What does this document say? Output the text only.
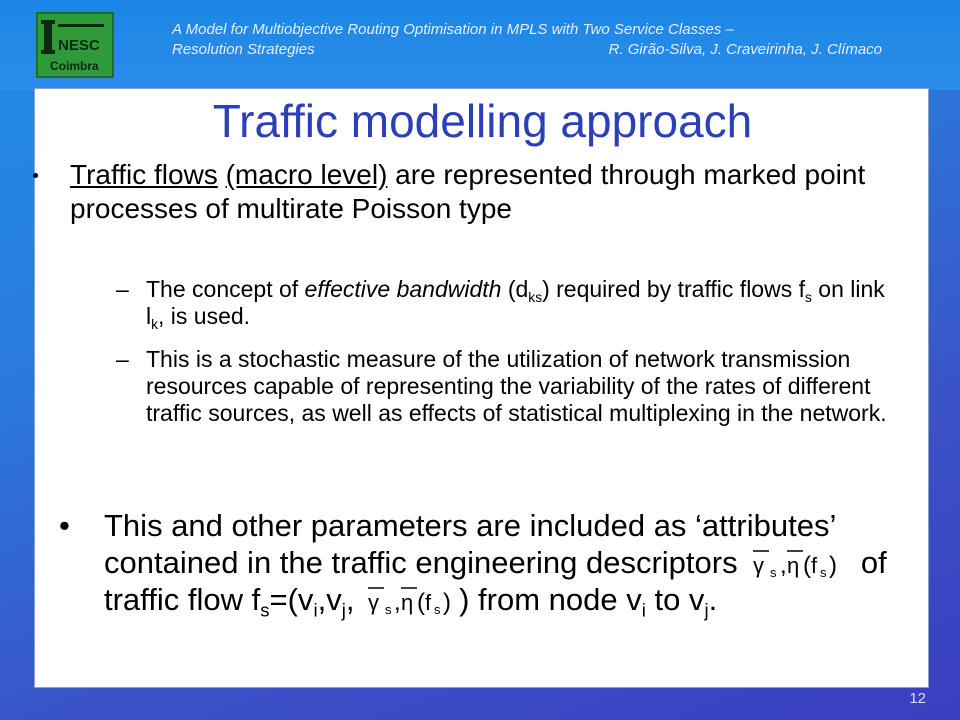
NESC
Coimbra
A Model for Multiobjective Routing Optimisation in MPLS with Two Service Classes –
Resolution Strategies	R. Girão-Silva, J. Craveirinha, J. Clímaco
Traffic modelling approach
Traffic flows (macro level) are represented through marked point processes of multirate Poisson type
– The concept of effective bandwidth $(d_{ks})$ required by traffic flows $f_s$ on link $l_k$, is used.
– This is a stochastic measure of the utilization of network transmission resources capable of representing the variability of the rates of different traffic sources, as well as effects of statistical multiplexing in the network.
• This and other parameters are included as ‘attributes’ contained in the traffic engineering descriptors γ s , η ( f s ) of traffic flow $f_s=(v_i,v_j$, γ s , η ( f s ) ) from node $v_i$ to $v_j$.
12
